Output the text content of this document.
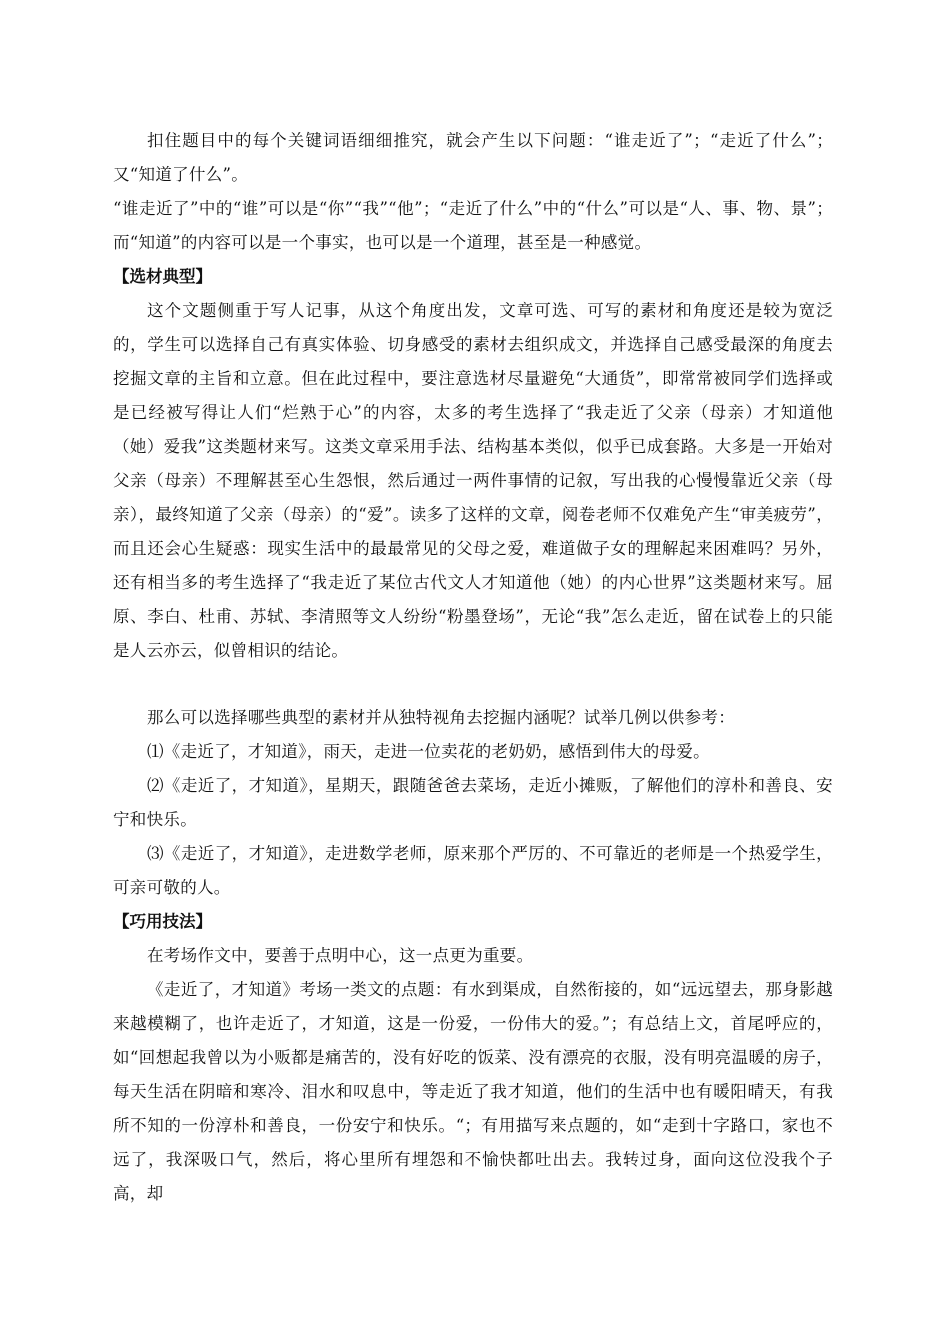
扣住题目中的每个关键词语细细推究，就会产生以下问题：“谁走近了”；“走近了什么”；又“知道了什么”。

“谁走近了”中的“谁”可以是“你”“我”“他”；“走近了什么”中的“什么”可以是“人、事、物、景”；而“知道”的内容可以是一个事实，也可以是一个道理，甚至是一种感觉。

【选材典型】

这个文题侧重于写人记事，从这个角度出发，文章可选、可写的素材和角度还是较为宽泛的，学生可以选择自己有真实体验、切身感受的素材去组织成文，并选择自己感受最深的角度去挖掘文章的主旨和立意。但在此过程中，要注意选材尽量避免“大通货”，即常常被同学们选择或是已经被写得让人们“烂熟于心”的内容，太多的考生选择了“我走近了父亲（母亲）才知道他（她）爱我”这类题材来写。这类文章采用手法、结构基本类似，似乎已成套路。大多是一开始对父亲（母亲）不理解甚至心生怨恨，然后通过一两件事情的记叙，写出我的心慢慢靠近父亲（母亲），最终知道了父亲（母亲）的“爱”。读多了这样的文章，阅卷老师不仅难免产生“审美疲劳”，而且还会心生疑惑：现实生活中的最最常见的父母之爱，难道做子女的理解起来困难吗？另外，还有相当多的考生选择了“我走近了某位古代文人才知道他（她）的内心世界”这类题材来写。屈原、李白、杜甫、苏轼、李清照等文人纷纷“粉墨登场”，无论“我”怎么走近，留在试卷上的只能是人云亦云，似曾相识的结论。

那么可以选择哪些典型的素材并从独特视角去挖掘内涵呢？试举几例以供参考：

⑴《走近了，才知道》，雨天，走进一位卖花的老奶奶，感悟到伟大的母爱。

⑵《走近了，才知道》，星期天，跟随爸爸去菜场，走近小摊贩，了解他们的淳朴和善良、安宁和快乐。

⑶《走近了，才知道》，走进数学老师，原来那个严厉的、不可靠近的老师是一个热爱学生，可亲可敬的人。

【巧用技法】

在考场作文中，要善于点明中心，这一点更为重要。

《走近了，才知道》考场一类文的点题：有水到渠成，自然衔接的，如“远远望去，那身影越来越模糊了，也许走近了，才知道，这是一份爱，一份伟大的爱。”；有总结上文，首尾呼应的，如“回想起我曾以为小贩都是痛苦的，没有好吃的饭菜、没有漂亮的衣服，没有明亮温暖的房子，每天生活在阴暗和寒冷、泪水和叹息中，等走近了我才知道，他们的生活中也有暖阳晴天，有我所不知的一份淳朴和善良，一份安宁和快乐。“；有用描写来点题的，如“走到十字路口，家也不远了，我深吸口气，然后，将心里所有埋怨和不愉快都吐出去。我转过身，面向这位没我个子高，却
